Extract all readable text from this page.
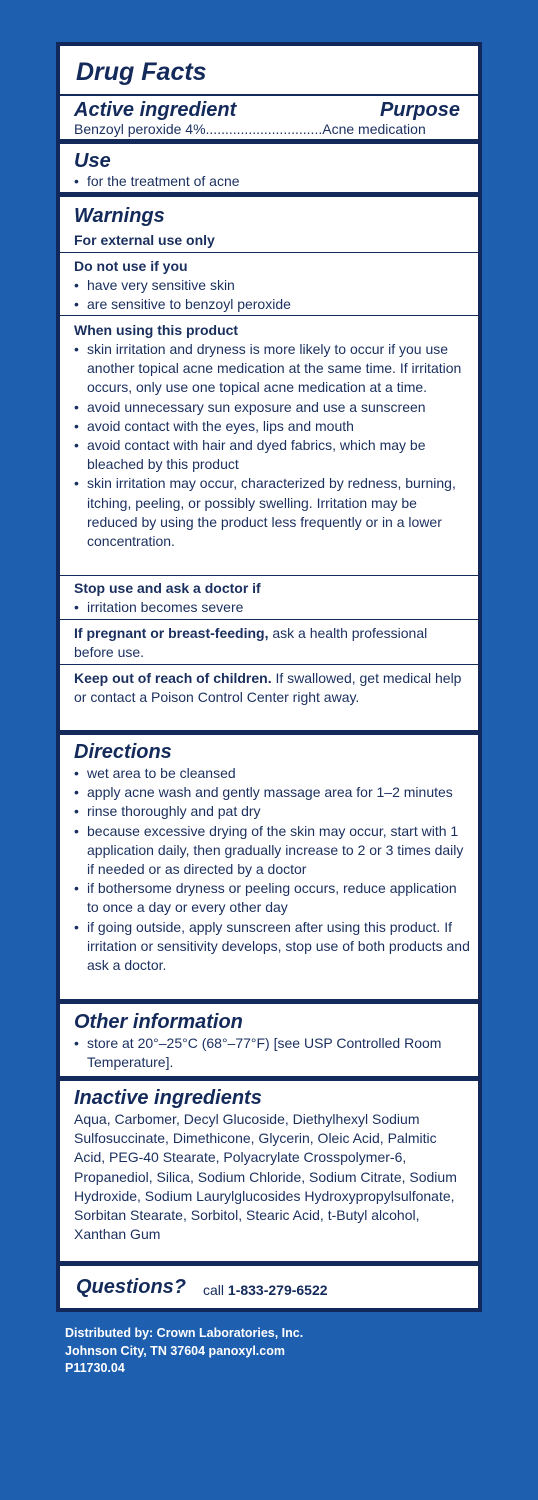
Drug Facts
Active ingredient	Purpose
Benzoyl peroxide 4%..............................Acne medication
Use
• for the treatment of acne
Warnings
For external use only
Do not use if you
• have very sensitive skin
• are sensitive to benzoyl peroxide
When using this product
• skin irritation and dryness is more likely to occur if you use another topical acne medication at the same time. If irritation occurs, only use one topical acne medication at a time.
• avoid unnecessary sun exposure and use a sunscreen
• avoid contact with the eyes, lips and mouth
• avoid contact with hair and dyed fabrics, which may be bleached by this product
• skin irritation may occur, characterized by redness, burning, itching, peeling, or possibly swelling. Irritation may be reduced by using the product less frequently or in a lower concentration.
Stop use and ask a doctor if
• irritation becomes severe
If pregnant or breast-feeding, ask a health professional before use.
Keep out of reach of children. If swallowed, get medical help or contact a Poison Control Center right away.
Directions
• wet area to be cleansed
• apply acne wash and gently massage area for 1–2 minutes
• rinse thoroughly and pat dry
• because excessive drying of the skin may occur, start with 1 application daily, then gradually increase to 2 or 3 times daily if needed or as directed by a doctor
• if bothersome dryness or peeling occurs, reduce application to once a day or every other day
• if going outside, apply sunscreen after using this product. If irritation or sensitivity develops, stop use of both products and ask a doctor.
Other information
• store at 20°–25°C (68°–77°F) [see USP Controlled Room Temperature].
Inactive ingredients
Aqua, Carbomer, Decyl Glucoside, Diethylhexyl Sodium Sulfosuccinate, Dimethicone, Glycerin, Oleic Acid, Palmitic Acid, PEG-40 Stearate, Polyacrylate Crosspolymer-6, Propanediol, Silica, Sodium Chloride, Sodium Citrate, Sodium Hydroxide, Sodium Laurylglucosides Hydroxypropylsulfonate, Sorbitan Stearate, Sorbitol, Stearic Acid, t-Butyl alcohol, Xanthan Gum
Questions? call 1-833-279-6522
Distributed by: Crown Laboratories, Inc.
Johnson City, TN 37604 panoxyl.com
P11730.04
